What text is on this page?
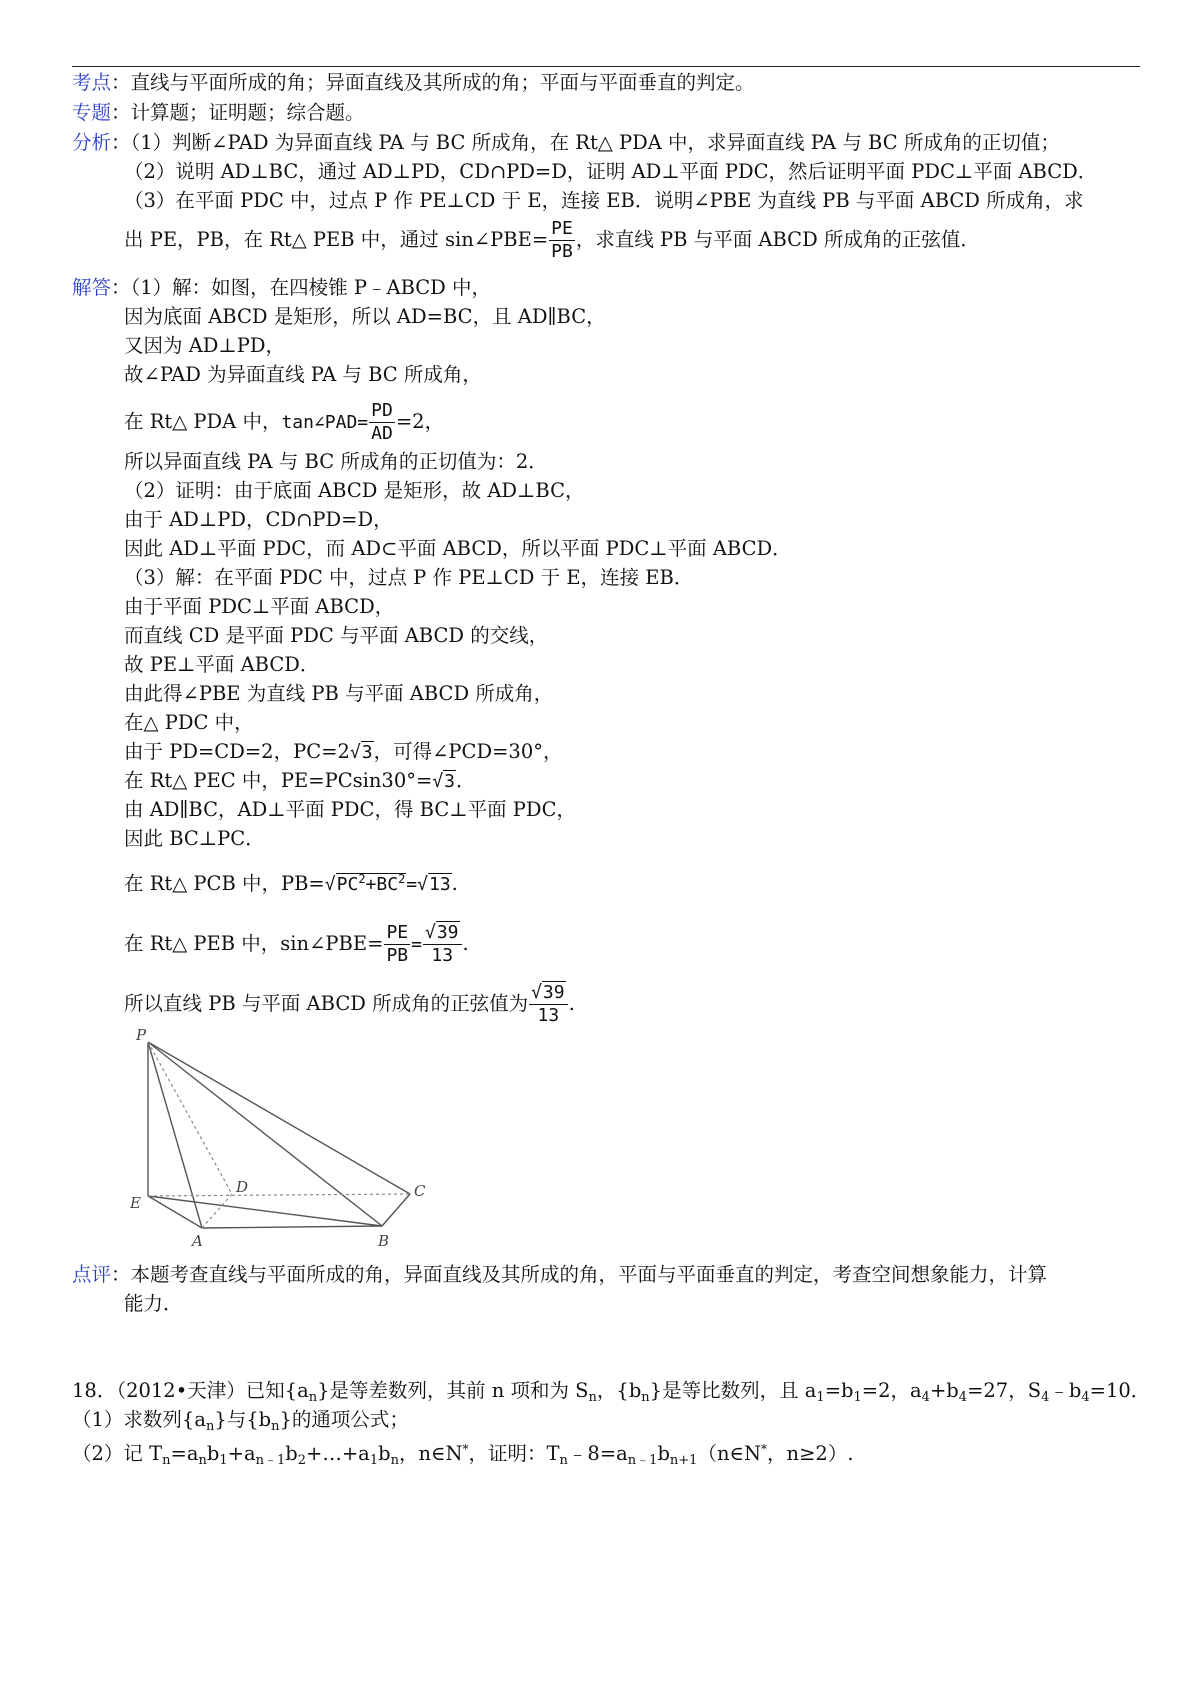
考点：直线与平面所成的角；异面直线及其所成的角；平面与平面垂直的判定。
专题：计算题；证明题；综合题。
分析：（1）判断∠PAD 为异面直线 PA 与 BC 所成角，在 Rt△ PDA 中，求异面直线 PA 与 BC 所成角的正切值；
（2）说明 AD⊥BC，通过 AD⊥PD，CD∩PD=D，证明 AD⊥平面 PDC，然后证明平面 PDC⊥平面 ABCD．
（3）在平面 PDC 中，过点 P 作 PE⊥CD 于 E，连接 EB．说明∠PBE 为直线 PB 与平面 ABCD 所成角，求
出 PE，PB，在 Rt△ PEB 中，通过 sin∠PBE= $\frac{PE}{PB}$ ，求直线 PB 与平面 ABCD 所成角的正弦值．
解答：（1）解：如图，在四棱锥 P﹣ABCD 中，
因为底面 ABCD 是矩形，所以 AD=BC，且 AD∥BC，
又因为 AD⊥PD，
故∠PAD 为异面直线 PA 与 BC 所成角，
在 Rt△ PDA 中，tan∠PAD= $\frac{PD}{AD} =2$，
所以异面直线 PA 与 BC 所成角的正切值为：2．
（2）证明：由于底面 ABCD 是矩形，故 AD⊥BC，
由于 AD⊥PD，CD∩PD=D，
因此 AD⊥平面 PDC，而 AD⊂平面 ABCD，所以平面 PDC⊥平面 ABCD．
（3）解：在平面 PDC 中，过点 P 作 PE⊥CD 于 E，连接 EB．
由于平面 PDC⊥平面 ABCD，
而直线 CD 是平面 PDC 与平面 ABCD 的交线，
故 PE⊥平面 ABCD．
由此得∠PBE 为直线 PB 与平面 ABCD 所成角，
在△ PDC 中，
由于 PD=CD=2，PC=2√3，可得∠PCD=30°，
在 Rt△ PEC 中，PE=PCsin30°=√3．
由 AD∥BC，AD⊥平面 PDC，得 BC⊥平面 PDC，
因此 BC⊥PC．
在 Rt△ PCB 中，$PB=√PC^2+BC^2=√13$.
在 Rt△ PEB 中，sin∠PBE= $\frac{PE}{PB} = \frac{√39}{13}$ .
所以直线 PB 与平面 ABCD 所成角的正弦值为 $\frac{√39}{13}$ .
P
D	C
E
A	B
点评：本题考查直线与平面所成的角，异面直线及其所成的角，平面与平面垂直的判定，考查空间想象能力，计算
能力．
18．（2012•天津）已知$\{a_n\}$是等差数列，其前 n 项和为 $S_n$，$\{b_n\}$是等比数列，且 $a_1=b_1=2$，$a_4+b_4=27$，$S_4﹣b_4=10$．
（1）求数列$\{a_n\}$与$\{b_n\}$的通项公式；
（2）记 $T_n=a_nb_1+a_{n﹣1}b_2+\dots+a_1b_n$，n∈N*，证明：$T_n﹣8=a_{n﹣1}b_{n+1}(n\in N^*$，n≥2）.
